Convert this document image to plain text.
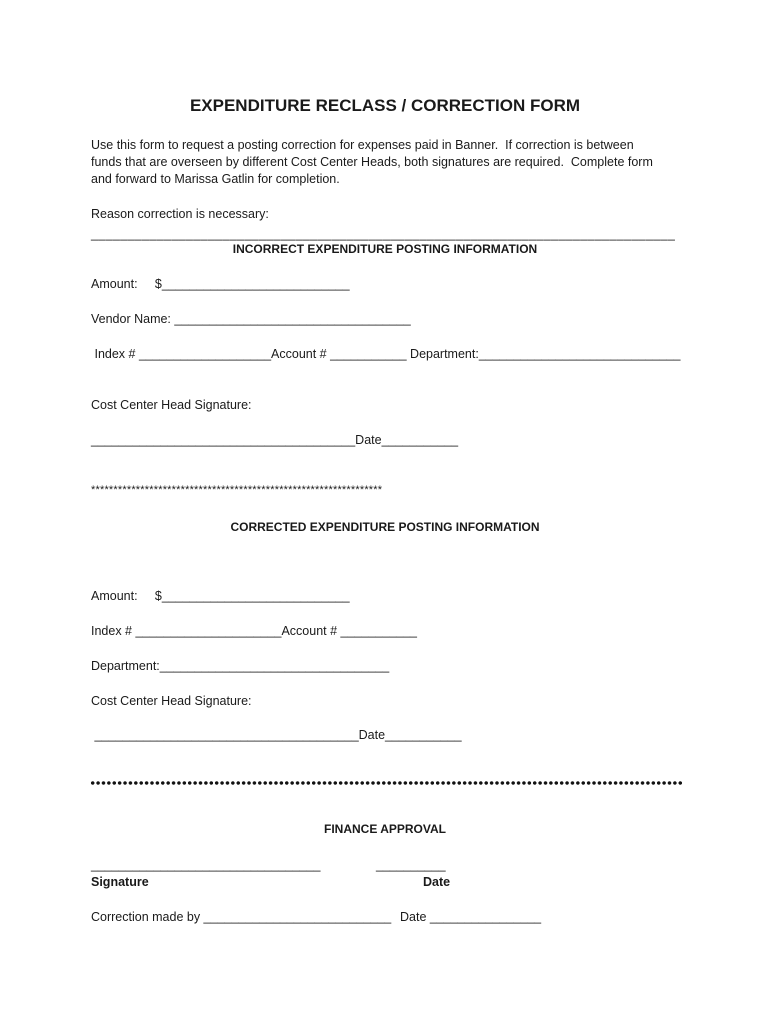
EXPENDITURE RECLASS / CORRECTION FORM
Use this form to request a posting correction for expenses paid in Banner.  If correction is between
funds that are overseen by different Cost Center Heads, both signatures are required.  Complete form
and forward to Marissa Gatlin for completion.
Reason correction is necessary:
________________________________________________________________________________
INCORRECT EXPENDITURE POSTING INFORMATION
Amount:     $___________________________
Vendor Name: __________________________________
Index # ___________________Account # ___________ Department:_____________________________
Cost Center Head Signature:
______________________________________Date___________
*****************************************************************
CORRECTED EXPENDITURE POSTING INFORMATION
Amount:     $___________________________
Index # _____________________Account # ___________
Department:_________________________________
Cost Center Head Signature:
______________________________________Date___________
FINANCE APPROVAL
_________________________________	__________
Signature	Date
Correction made by ___________________________ Date ________________
